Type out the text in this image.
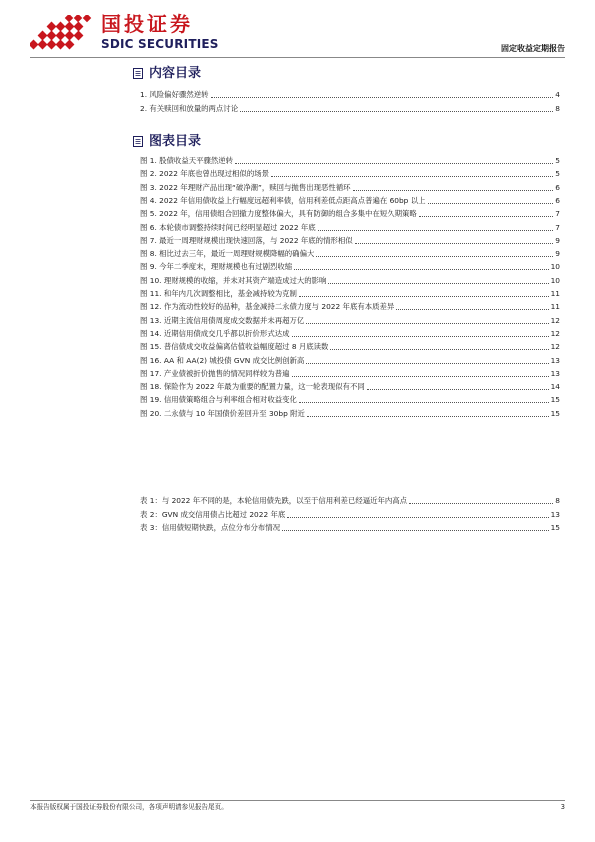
国投证券
SDIC SECURITIES	固定收益定期报告
内容目录
1. 风险偏好骤然逆转	4
2. 有关赎回和放量的两点讨论	8
图表目录
图 1. 股债收益天平骤然逆转	5
图 2. 2022 年底也曾出现过相似的场景	5
图 3. 2022 年理财产品出现“破净潮”，赎回与抛售出现恶性循环	6
图 4. 2022 年信用债收益上行幅度远超利率债，信用利差低点距高点普遍在 60bp 以上	6
图 5. 2022 年，信用债组合回撤力度整体偏大，具有防御的组合多集中在短久期策略	7
图 6. 本轮债市调整持续时间已经明显超过 2022 年底	7
图 7. 最近一周理财规模出现快速回落，与 2022 年底的情形相似	9
图 8. 相比过去三年，最近一周理财规模降幅的确偏大	9
图 9. 今年二季度末，理财规模也有过剧烈收缩	10
图 10. 理财规模的收缩，并未对其资产端造成过大的影响	10
图 11. 和年内几次调整相比，基金减持较为克制	11
图 12. 作为流动性较好的品种，基金减持二永债力度与 2022 年底有本质差异	11
图 13. 近期主流信用债周度成交数据并未再超万亿	12
图 14. 近期信用债成交几乎都以折价形式达成	12
图 15. 普信债成交收益偏离估值收益幅度超过 8 月底读数	12
图 16. AA 和 AA(2) 城投债 GVN 成交比例创新高	13
图 17. 产业债被折价抛售的情况同样较为普遍	13
图 18. 保险作为 2022 年最为重要的配置力量，这一轮表现似有不同	14
图 19. 信用债策略组合与利率组合相对收益变化	15
图 20. 二永债与 10 年国债价差回升至 30bp 附近	15
表 1：与 2022 年不同的是，本轮信用债先跌，以至于信用利差已经逼近年内高点	8
表 2：GVN 成交信用债占比超过 2022 年底	13
表 3：信用债短期快跌，点位分布分布情况	15
本报告版权属于国投证券股份有限公司，各项声明请参见报告尾页。	3
